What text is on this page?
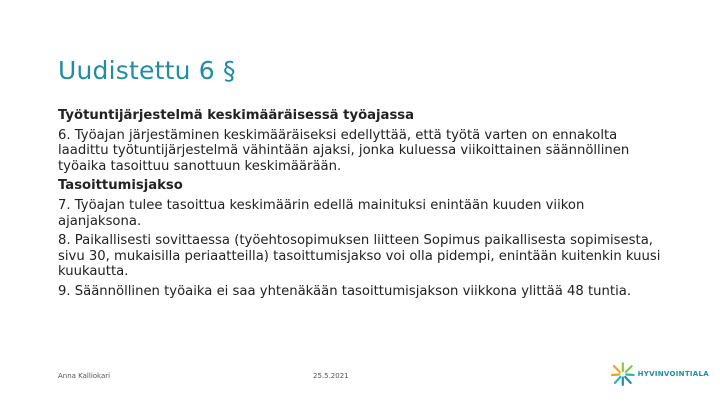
Uudistettu 6 §

Työtuntijärjestelmä keskimääräisessä työajassa

6. Työajan järjestäminen keskimääräiseksi edellyttää, että työtä varten on ennakolta laadittu työtuntijärjestelmä vähintään ajaksi, jonka kuluessa viikoittainen säännöllinen työaika tasoittuu sanottuun keskimäärään.

Tasoittumisjakso

7. Työajan tulee tasoittua keskimäärin edellä mainituksi enintään kuuden viikon ajanjaksona.

8. Paikallisesti sovittaessa (työehtosopimuksen liitteen Sopimus paikallisesta sopimisesta, sivu 30, mukaisilla periaatteilla) tasoittumisjakso voi olla pidempi, enintään kuitenkin kuusi kuukautta.

9. Säännöllinen työaika ei saa yhtenäkään tasoittumisjakson viikkona ylittää 48 tuntia.

Anna Kalliokari	25.5.2021	HYVINVOINTIALA
